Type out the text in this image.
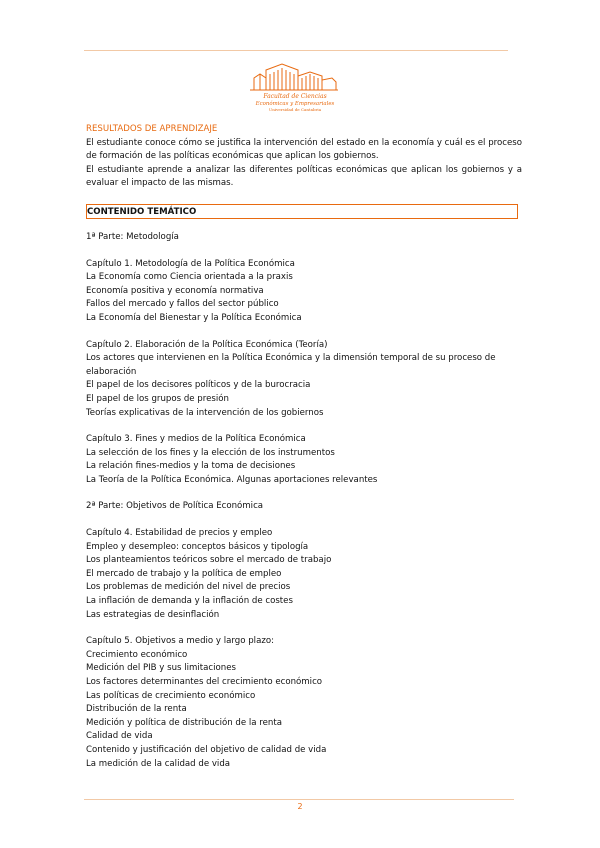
Facultad de Ciencias
Económicas y Empresariales
Universidad de Cantabria

RESULTADOS DE APRENDIZAJE

El estudiante conoce cómo se justifica la intervención del estado en la economía y cuál es el proceso de formación de las políticas económicas que aplican los gobiernos.

El estudiante aprende a analizar las diferentes políticas económicas que aplican los gobiernos y a evaluar el impacto de las mismas.

CONTENIDO TEMÁTICO

1ª Parte: Metodología

Capítulo 1. Metodología de la Política Económica

La Economía como Ciencia orientada a la praxis

Economía positiva y economía normativa

Fallos del mercado y fallos del sector público

La Economía del Bienestar y la Política Económica

Capítulo 2. Elaboración de la Política Económica (Teoría)

Los actores que intervienen en la Política Económica y la dimensión temporal de su proceso de elaboración

El papel de los decisores políticos y de la burocracia

El papel de los grupos de presión

Teorías explicativas de la intervención de los gobiernos

Capítulo 3. Fines y medios de la Política Económica

La selección de los fines y la elección de los instrumentos

La relación fines-medios y la toma de decisiones

La Teoría de la Política Económica. Algunas aportaciones relevantes

2ª Parte: Objetivos de Política Económica

Capítulo 4. Estabilidad de precios y empleo

Empleo y desempleo: conceptos básicos y tipología

Los planteamientos teóricos sobre el mercado de trabajo

El mercado de trabajo y la política de empleo

Los problemas de medición del nivel de precios

La inflación de demanda y la inflación de costes

Las estrategias de desinflación

Capítulo 5. Objetivos a medio y largo plazo:

Crecimiento económico

Medición del PIB y sus limitaciones

Los factores determinantes del crecimiento económico

Las políticas de crecimiento económico

Distribución de la renta

Medición y política de distribución de la renta

Calidad de vida

Contenido y justificación del objetivo de calidad de vida

La medición de la calidad de vida

2
